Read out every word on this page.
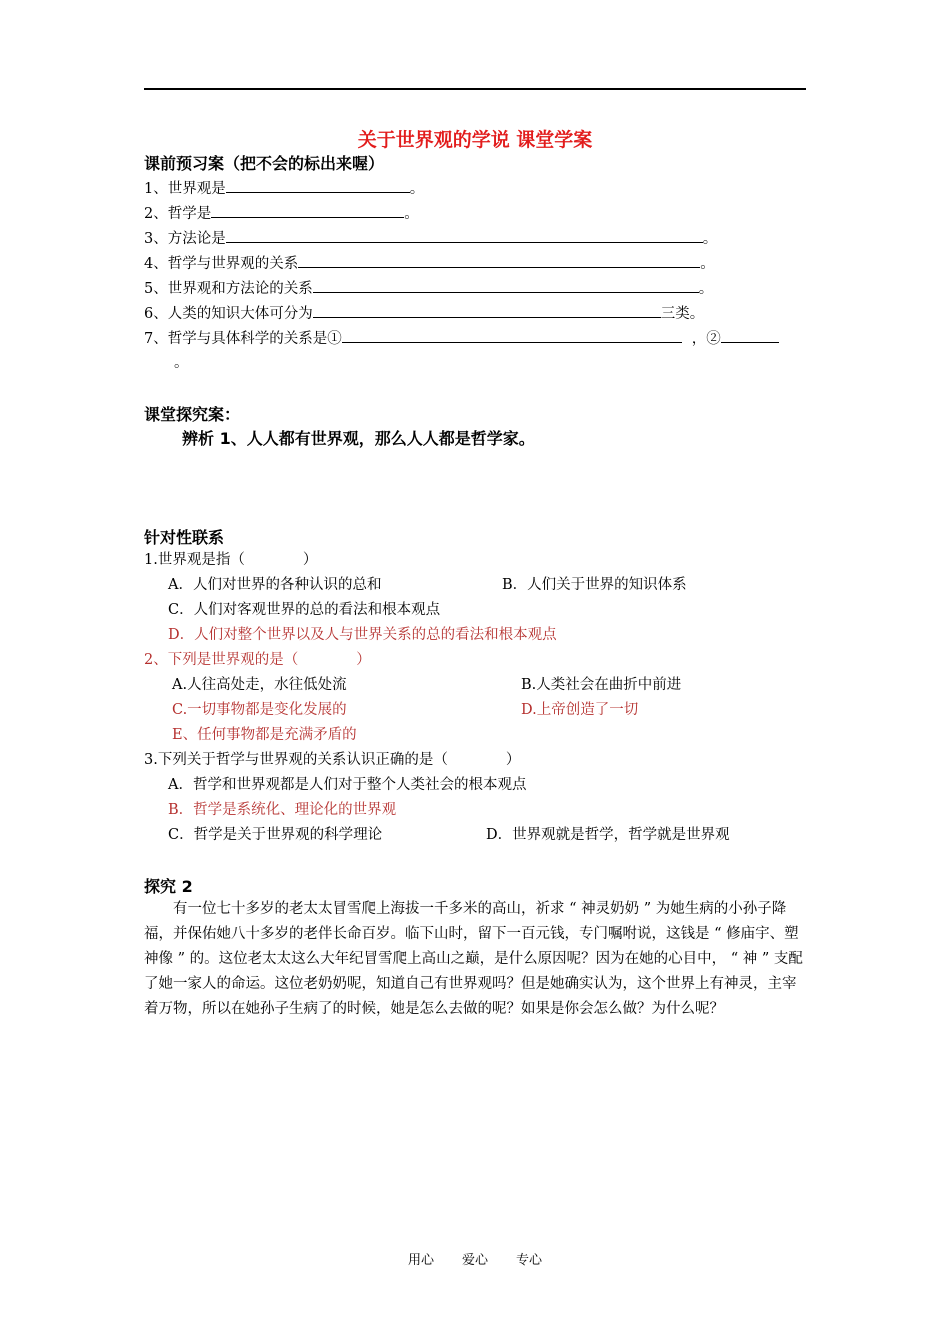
关于世界观的学说 课堂学案
课前预习案（把不会的标出来喔）
1、世界观是	。
2、哲学是	。
3、方法论是	。
4、哲学与世界观的关系	。
5、世界观和方法论的关系	。
6、人类的知识大体可分为	三类。
7、哲学与具体科学的关系是①	，②
。
课堂探究案：
辨析 1、人人都有世界观，那么人人都是哲学家。
针对性联系
1.世界观是指（　　　　）
A．人们对世界的各种认识的总和	B．人们关于世界的知识体系
C．人们对客观世界的总的看法和根本观点
D．人们对整个世界以及人与世界关系的总的看法和根本观点
2、下列是世界观的是（　　　　）
A.人往高处走，水往低处流	B.人类社会在曲折中前进
C.一切事物都是变化发展的	D.上帝创造了一切
E、任何事物都是充满矛盾的
3.下列关于哲学与世界观的关系认识正确的是（　　　　）
A．哲学和世界观都是人们对于整个人类社会的根本观点
B．哲学是系统化、理论化的世界观
C．哲学是关于世界观的科学理论	D．世界观就是哲学，哲学就是世界观
探究 2
有一位七十多岁的老太太冒雪爬上海拔一千多米的高山，祈求 “ 神灵奶奶 ” 为她生病的小孙子降福，并保佑她八十多岁的老伴长命百岁。临下山时，留下一百元钱，专门嘱咐说，这钱是 “ 修庙宇、塑神像 ” 的。这位老太太这么大年纪冒雪爬上高山之巅，是什么原因呢？因为在她的心目中， “ 神 ” 支配了她一家人的命运。这位老奶奶呢，知道自己有世界观吗？但是她确实认为，这个世界上有神灵，主宰着万物，所以在她孙子生病了的时候，她是怎么去做的呢？如果是你会怎么做？为什么呢？
用心 爱心 专心
